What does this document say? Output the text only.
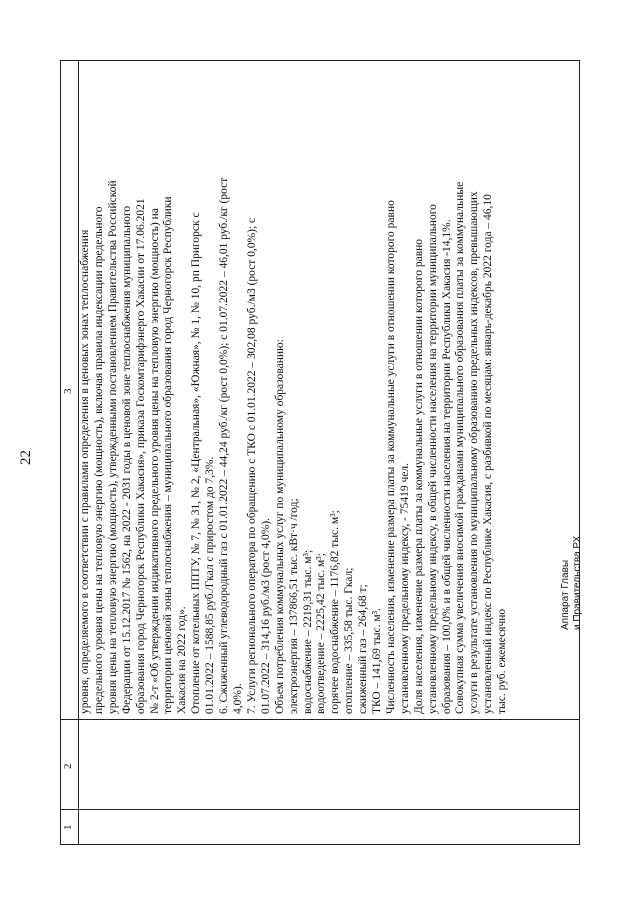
22
1
2
3 уровня, определяемого в соответствии с правилами определения в ценовых зонах теплоснабжения предельного уровня цены на тепловую энергию (мощность), включая правила индексации предельного уровня цены на тепловую энергию (мощность), утвержденными постановлением Правительства Российской Федерации от 15.12.2017 № 1562, на 2022 - 2031 годы в ценовой зоне теплоснабжения муниципального образования город Черногорск Республики Хакасия», приказа Госкомтарифэнерго Хакасии от 17.06.2021 № 2-т «Об утверждении индикативного предельного уровня цены на тепловую энергию (мощность) на территории ценовой зоны теплоснабжения – муниципального образования город Черногорск Республики Хакасия на 2022 год». Отопление от котельных ППТУ, № 7, № 31, № 2, «Центральная», «Южная», № 1, № 10, рп Пригорск с 01.01.2022 – 1588,85 руб./Гкал с приростом до 7,3%. 6. Сжиженный углеводородный газ с 01.01.2022 – 44,24 руб./кг (рост 0,0%); с 01.07.2022 – 46,01 руб./кг (рост 4,0%). 7. Услуги регионального оператора по обращению с ТКО с 01.01.2022 – 302,08 руб./м3 (рост 0,0%); с 01.07.2022 – 314,16 руб./м3 (рост 4,0%). Объем потребления коммунальных услуг по муниципальному образованию: электроэнергия – 137866,51 тыс. кВт·ч /год; водоснабжение – 2219,31 тыс. м³; водоотведение – 2225,42 тыс. м³; горячее водоснабжение – 1176,82 тыс. м³; отопление – 335,58 тыс. Гкал; сжиженный газ – 264,68 т; ТКО – 141,69 тыс. м³. Численность населения, изменение размера платы за коммунальные услуги в отношении которого равно установленному предельному индексу, - 75419 чел. Доля населения, изменение размера платы за коммунальные услуги в отношении которого равно установленному предельному индексу, в общей численности населения на территории муниципального образования – 100,0% и в общей численности населения на территории Республики Хакасия -14,1%. Совокупная сумма увеличения вносимой гражданами муниципального образования платы за коммунальные услуги в результате установления по муниципальному образованию предельных индексов, превышающих установленный индекс по Республике Хакасия, с разбивкой по месяцам: январь-декабрь 2022 года – 46,10 тыс. руб. ежемесячно

Аппарат Главы и Правительства РХ
